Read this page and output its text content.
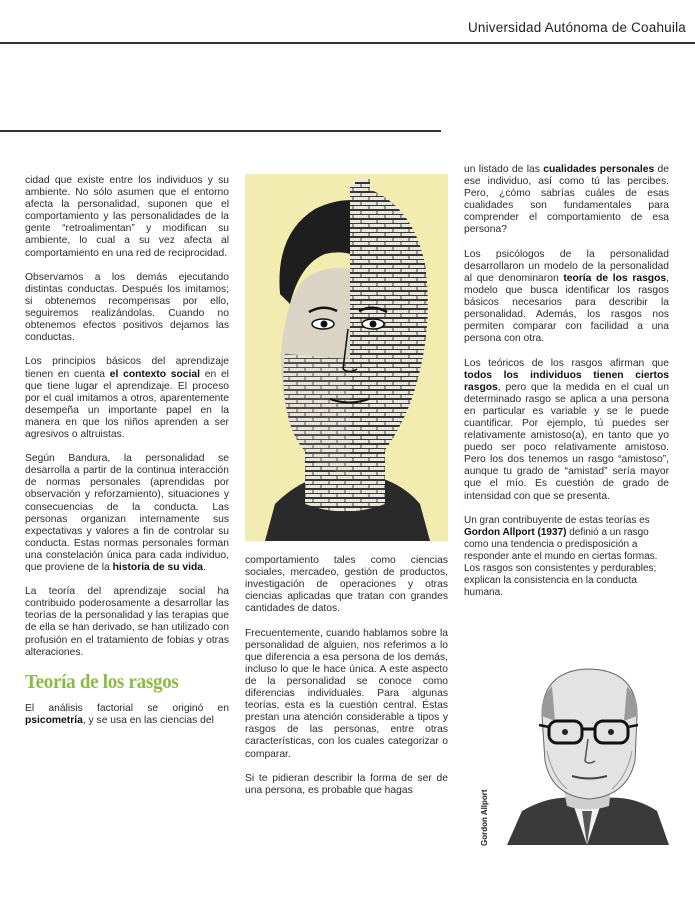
Universidad Autónoma de Coahuila

cidad que existe entre los individuos y su ambiente. No sólo asumen que el entorno afecta la personalidad, suponen que el comportamiento y las personalidades de la gente “retroalimentan” y modifican su ambiente, lo cual a su vez afecta al comportamiento en una red de reciprocidad.

Observamos a los demás ejecutando distintas conductas. Después los imitamos; si obtenemos recompensas por ello, seguiremos realizándolas. Cuando no obtenemos efectos positivos dejamos las conductas.

Los principios básicos del aprendizaje tienen en cuenta el contexto social en el que tiene lugar el aprendizaje. El proceso por el cual imitamos a otros, aparentemente desempeña un importante papel en la manera en que los niños aprenden a ser agresivos o altruistas.

Según Bandura, la personalidad se desarrolla a partir de la continua interacción de normas personales (aprendidas por observación y reforzamiento), situaciones y consecuencias de la conducta. Las personas organizan internamente sus expectativas y valores a fin de controlar su conducta. Estas normas personales forman una constelación única para cada individuo, que proviene de la historia de su vida.

La teoría del aprendizaje social ha contribuido poderosamente a desarrollar las teorías de la personalidad y las terapias que de ella se han derivado, se han utilizado con profusión en el tratamiento de fobias y otras alteraciones.

Teoría de los rasgos

El análisis factorial se originó en psicometría, y se usa en las ciencias del

comportamiento tales como ciencias sociales, mercadeo, gestión de productos, investigación de operaciones y otras ciencias aplicadas que tratan con grandes cantidades de datos.

Frecuentemente, cuando hablamos sobre la personalidad de alguien, nos referimos a lo que diferencia a esa persona de los demás, incluso lo que le hace única. A este aspecto de la personalidad se conoce como diferencias individuales. Para algunas teorías, esta es la cuestión central. Éstas prestan una atención considerable a tipos y rasgos de las personas, entre otras características, con los cuales categorizar o comparar.

Si te pidieran describir la forma de ser de una persona, es probable que hagas

un listado de las cualidades personales de ese individuo, así como tú las percibes. Pero, ¿cómo sabrías cuáles de esas cualidades son fundamentales para comprender el comportamiento de esa persona?

Los psicólogos de la personalidad desarrollaron un modelo de la personalidad al que denominaron teoría de los rasgos, modelo que busca identificar los rasgos básicos necesarios para describir la personalidad. Además, los rasgos nos permiten comparar con facilidad a una persona con otra.

Los teóricos de los rasgos afirman que todos los individuos tienen ciertos rasgos, pero que la medida en el cual un determinado rasgo se aplica a una persona en particular es variable y se le puede cuantificar. Por ejemplo, tú puedes ser relativamente amistoso(a), en tanto que yo puedo ser poco relativamente amistoso. Pero los dos tenemos un rasgo “amistoso”, aunque tu grado de “amistad” sería mayor que el mío. Es cuestión de grado de intensidad con que se presenta.

Un gran contribuyente de estas teorías es Gordon Allport (1937) definió a un rasgo como una tendencia o predisposición a responder ante el mundo en ciertas formas. Los rasgos son consistentes y perdurables; explican la consistencia en la conducta humana.

Gordon Allport
